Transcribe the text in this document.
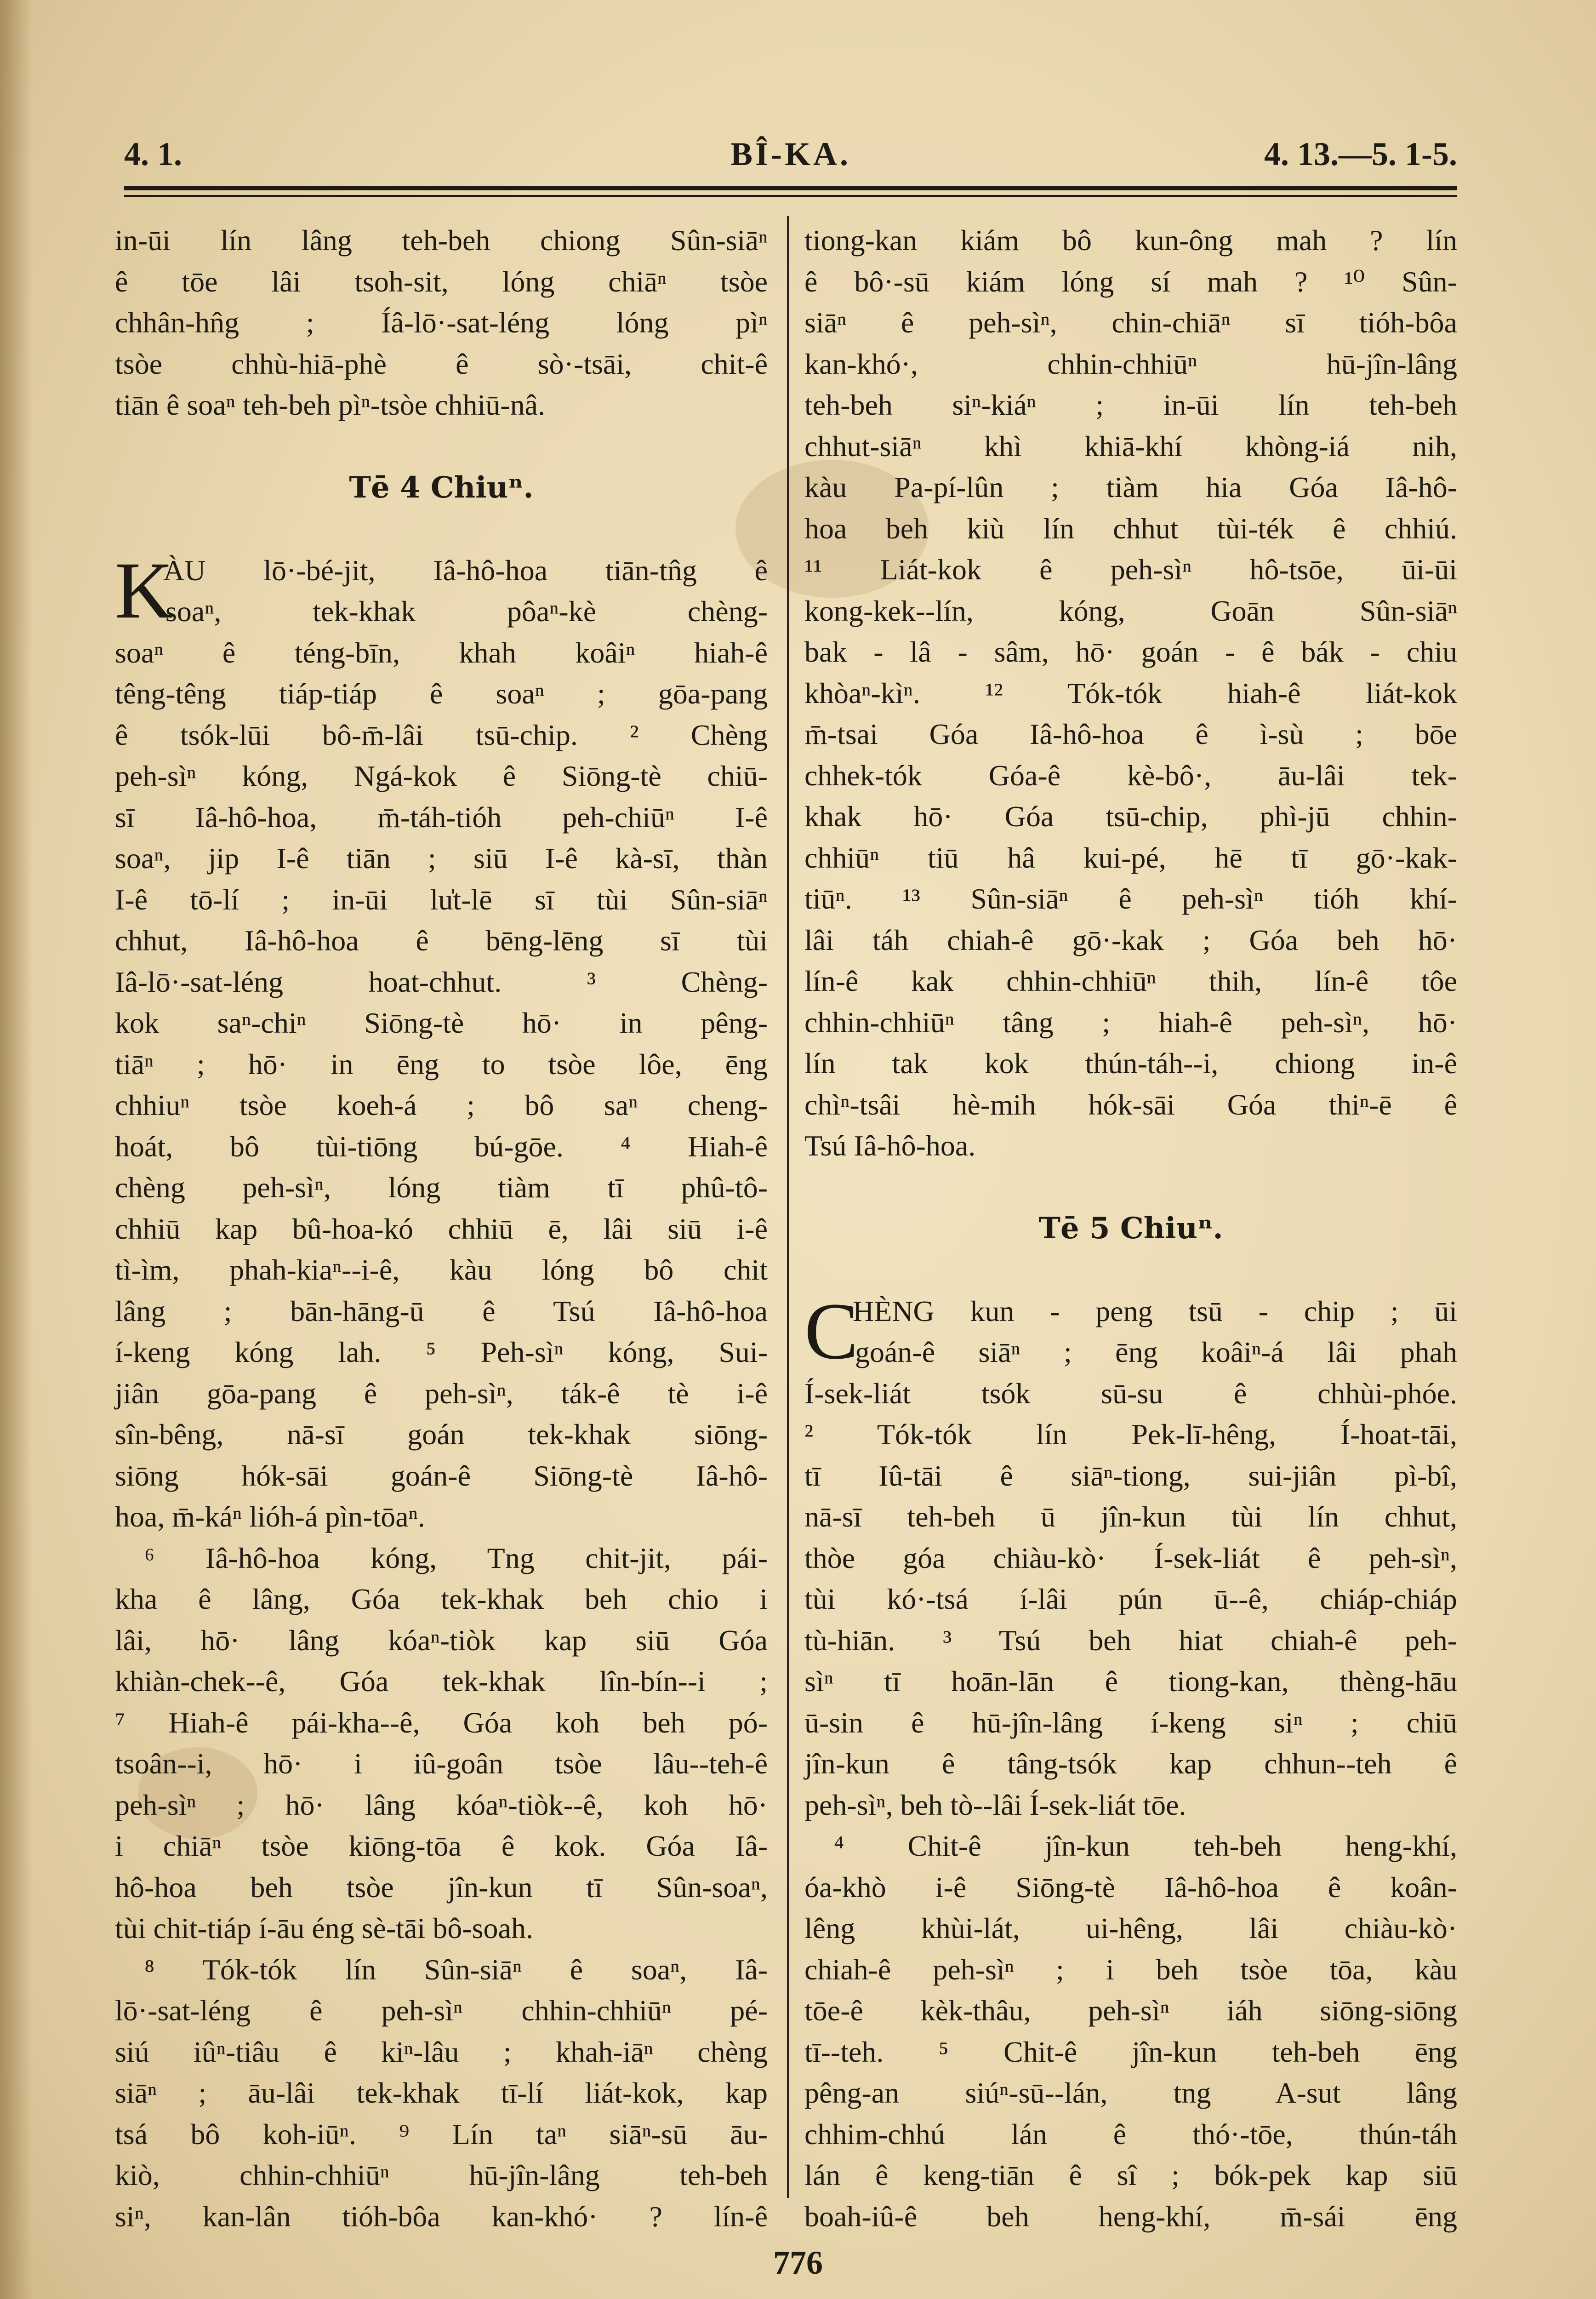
4. 1.	BÎ-KA.	4. 13.—5. 1-5.
in-ūi lín lâng teh-beh chiong Sûn-siāⁿ
ê tōe lâi tsoh-sit, lóng chiāⁿ tsòe
chhân-hn̂g ; Íâ-lō·-sat-léng lóng pìⁿ
tsòe chhù-hiā-phè ê sò·-tsāi, chit-ê
tiān ê soaⁿ teh-beh pìⁿ-tsòe chhiū-nâ.
Tē 4 Chiuⁿ.
K
ÀU lō·-bé-jit, Iâ-hô-hoa tiān-tn̂g ê
soaⁿ, tek-khak pôaⁿ-kè chèng-
soaⁿ ê téng-bīn, khah koâiⁿ hiah-ê
têng-têng tiáp-tiáp ê soaⁿ ; gōa-pang
ê tsók-lūi bô-m̄-lâi tsū-chip. ² Chèng
peh-sìⁿ kóng, Ngá-kok ê Siōng-tè chiū-
sī Iâ-hô-hoa, m̄-táh-tióh peh-chiūⁿ I-ê
soaⁿ, jip I-ê tiān ; siū I-ê kà-sī, thàn
I-ê tō-lí ; in-ūi lu̍t-lē sī tùi Sûn-siāⁿ
chhut, Iâ-hô-hoa ê bēng-lēng sī tùi
Iâ-lō·-sat-léng hoat-chhut. ³ Chèng-
kok saⁿ-chiⁿ Siōng-tè hō· in pêng-
tiāⁿ ; hō· in ēng to tsòe lôe, ēng
chhiuⁿ tsòe koeh-á ; bô saⁿ cheng-
hoát, bô tùi-tiōng bú-gōe. ⁴ Hiah-ê
chèng peh-sìⁿ, lóng tiàm tī phû-tô-
chhiū kap bû-hoa-kó chhiū ē, lâi siū i-ê
tì-ìm, phah-kiaⁿ--i-ê, kàu lóng bô chit
lâng ; bān-hāng-ū ê Tsú Iâ-hô-hoa
í-keng kóng lah. ⁵ Peh-sìⁿ kóng, Sui-
jiân gōa-pang ê peh-sìⁿ, ták-ê tè i-ê
sîn-bêng, nā-sī goán tek-khak siōng-
siōng hók-sāi goán-ê Siōng-tè Iâ-hô-
hoa, m̄-káⁿ lióh-á pìn-tōaⁿ.
⁶ Iâ-hô-hoa kóng, Tng chit-jit, pái-
kha ê lâng, Góa tek-khak beh chio i
lâi, hō· lâng kóaⁿ-tiòk kap siū Góa
khiàn-chek--ê, Góa tek-khak lîn-bín--i ;
⁷ Hiah-ê pái-kha--ê, Góa koh beh pó-
tsoân--i, hō· i iû-goân tsòe lâu--teh-ê
peh-sìⁿ ; hō· lâng kóaⁿ-tiòk--ê, koh hō·
i chiāⁿ tsòe kiōng-tōa ê kok. Góa Iâ-
hô-hoa beh tsòe jîn-kun tī Sûn-soaⁿ,
tùi chit-tiáp í-āu éng sè-tāi bô-soah.
⁸ Tók-tók lín Sûn-siāⁿ ê soaⁿ, Iâ-
lō·-sat-léng ê peh-sìⁿ chhin-chhiūⁿ pé-
siú iûⁿ-tiâu ê kiⁿ-lâu ; khah-iāⁿ chèng
siāⁿ ; āu-lâi tek-khak tī-lí liát-kok, kap
tsá bô koh-iūⁿ. ⁹ Lín taⁿ siāⁿ-sū āu-
kiò, chhin-chhiūⁿ hū-jîn-lâng teh-beh
siⁿ, kan-lân tióh-bôa kan-khó· ? lín-ê
tiong-kan kiám bô kun-ông mah ? lín
ê bô·-sū kiám lóng sí mah ? ¹⁰ Sûn-
siāⁿ ê peh-sìⁿ, chin-chiāⁿ sī tióh-bôa
kan-khó·, chhin-chhiūⁿ hū-jîn-lâng
teh-beh siⁿ-kiáⁿ ; in-ūi lín teh-beh
chhut-siāⁿ khì khiā-khí khòng-iá nih,
kàu Pa-pí-lûn ; tiàm hia Góa Iâ-hô-
hoa beh kiù lín chhut tùi-ték ê chhiú.
¹¹ Liát-kok ê peh-sìⁿ hô-tsōe, ūi-ūi
kong-kek--lín, kóng, Goān Sûn-siāⁿ
bak - lâ - sâm, hō· goán - ê bák - chiu
khòaⁿ-kìⁿ. ¹² Tók-tók hiah-ê liát-kok
m̄-tsai Góa Iâ-hô-hoa ê ì-sù ; bōe
chhek-tók Góa-ê kè-bô·, āu-lâi tek-
khak hō· Góa tsū-chip, phì-jū chhin-
chhiūⁿ tiū hâ kui-pé, hē tī gō·-kak-
tiūⁿ. ¹³ Sûn-siāⁿ ê peh-sìⁿ tióh khí-
lâi táh chiah-ê gō·-kak ; Góa beh hō·
lín-ê kak chhin-chhiūⁿ thih, lín-ê tôe
chhin-chhiūⁿ tâng ; hiah-ê peh-sìⁿ, hō·
lín tak kok thún-táh--i, chiong in-ê
chìⁿ-tsâi hè-mih hók-sāi Góa thiⁿ-ē ê
Tsú Iâ-hô-hoa.
Tē 5 Chiuⁿ.
C
HÈNG kun - peng tsū - chip ; ūi
goán-ê siāⁿ ; ēng koâiⁿ-á lâi phah
Í-sek-liát tsók sū-su ê chhùi-phóe.
² Tók-tók lín Pek-lī-hêng, Í-hoat-tāi,
tī Iû-tāi ê siāⁿ-tiong, sui-jiân pì-bî,
nā-sī teh-beh ū jîn-kun tùi lín chhut,
thòe góa chiàu-kò· Í-sek-liát ê peh-sìⁿ,
tùi kó·-tsá í-lâi pún ū--ê, chiáp-chiáp
tù-hiān. ³ Tsú beh hiat chiah-ê peh-
sìⁿ tī hoān-lān ê tiong-kan, thèng-hāu
ū-sin ê hū-jîn-lâng í-keng siⁿ ; chiū
jîn-kun ê tâng-tsók kap chhun--teh ê
peh-sìⁿ, beh tò--lâi Í-sek-liát tōe.
⁴ Chit-ê jîn-kun teh-beh heng-khí,
óa-khò i-ê Siōng-tè Iâ-hô-hoa ê koân-
lêng khùi-lát, ui-hêng, lâi chiàu-kò·
chiah-ê peh-sìⁿ ; i beh tsòe tōa, kàu
tōe-ê kèk-thâu, peh-sìⁿ iáh siōng-siōng
tī--teh. ⁵ Chit-ê jîn-kun teh-beh ēng
pêng-an siúⁿ-sū--lán, tng A-sut lâng
chhim-chhú lán ê thó·-tōe, thún-táh
lán ê keng-tiān ê sî ; bók-pek kap siū
boah-iû-ê beh heng-khí, m̄-sái ēng
776
